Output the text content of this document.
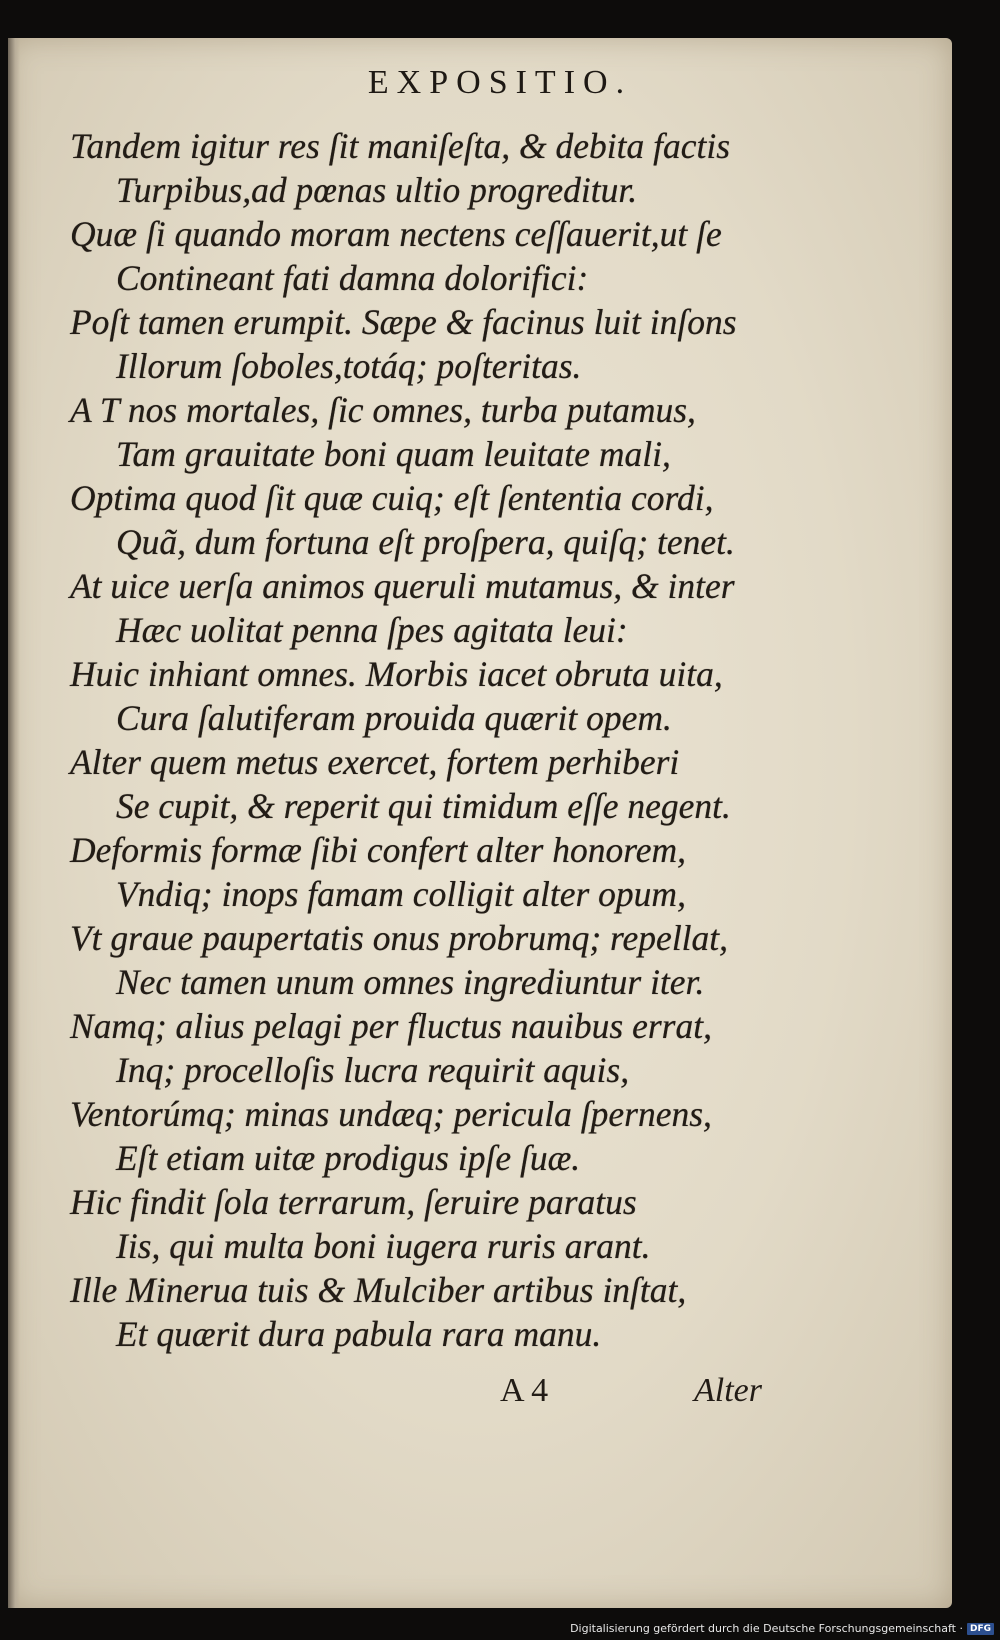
EXPOSITIO.
Tandem igitur res ſit maniſeſta, & debita factis
Turpibus,ad pœnas ultio progreditur.
Quæ ſi quando moram nectens ceſſauerit,ut ſe
Contineant fati damna dolorifici:
Poſt tamen erumpit. Sæpe & facinus luit inſons
Illorum ſoboles,totáq; poſteritas.
A T nos mortales, ſic omnes, turba putamus,
Tam grauitate boni quam leuitate mali,
Optima quod ſit quæ cuiq; eſt ſententia cordi,
Quã, dum fortuna eſt proſpera, quiſq; tenet.
At uice uerſa animos queruli mutamus, & inter
Hæc uolitat penna ſpes agitata leui:
Huic inhiant omnes. Morbis iacet obruta uita,
Cura ſalutiferam prouida quærit opem.
Alter quem metus exercet, fortem perhiberi
Se cupit, & reperit qui timidum eſſe negent.
Deformis formæ ſibi confert alter honorem,
Vndiq; inops famam colligit alter opum,
Vt graue paupertatis onus probrumq; repellat,
Nec tamen unum omnes ingrediuntur iter.
Namq; alius pelagi per fluctus nauibus errat,
Inq; procelloſis lucra requirit aquis,
Ventorúmq; minas undæq; pericula ſpernens,
Eſt etiam uitæ prodigus ipſe ſuæ.
Hic findit ſola terrarum, ſeruire paratus
Iis, qui multa boni iugera ruris arant.
Ille Minerua tuis & Mulciber artibus inſtat,
Et quærit dura pabula rara manu.
A 4	Alter
Digitalisierung gefördert durch die Deutsche Forschungsgemeinschaft · DFG
